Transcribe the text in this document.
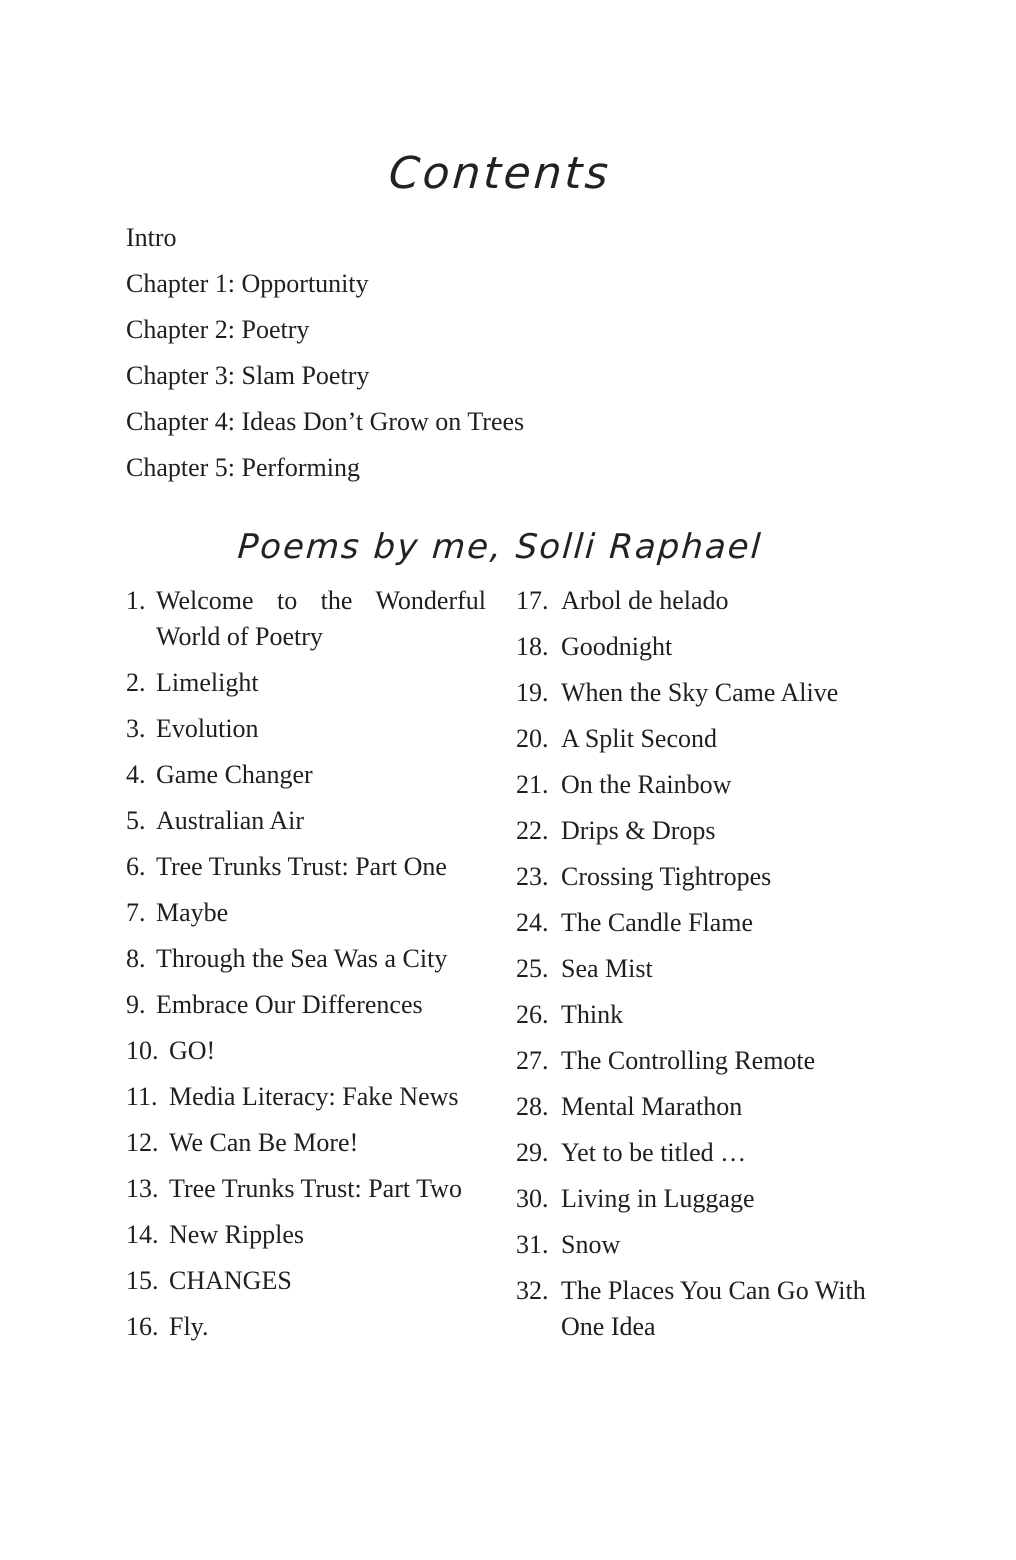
Contents
Intro
Chapter 1: Opportunity
Chapter 2: Poetry
Chapter 3: Slam Poetry
Chapter 4: Ideas Don’t Grow on Trees
Chapter 5: Performing
Poems by me, Solli Raphael
1. Welcome to the Wonderful
World of Poetry
2. Limelight
3. Evolution
4. Game Changer
5. Australian Air
6. Tree Trunks Trust: Part One
7. Maybe
8. Through the Sea Was a City
9. Embrace Our Differences
10. GO!
11. Media Literacy: Fake News
12. We Can Be More!
13. Tree Trunks Trust: Part Two
14. New Ripples
15. CHANGES
16. Fly.
17. Arbol de helado
18. Goodnight
19. When the Sky Came Alive
20. A Split Second
21. On the Rainbow
22. Drips & Drops
23. Crossing Tightropes
24. The Candle Flame
25. Sea Mist
26. Think
27. The Controlling Remote
28. Mental Marathon
29. Yet to be titled …
30. Living in Luggage
31. Snow
32. The Places You Can Go With
One Idea
